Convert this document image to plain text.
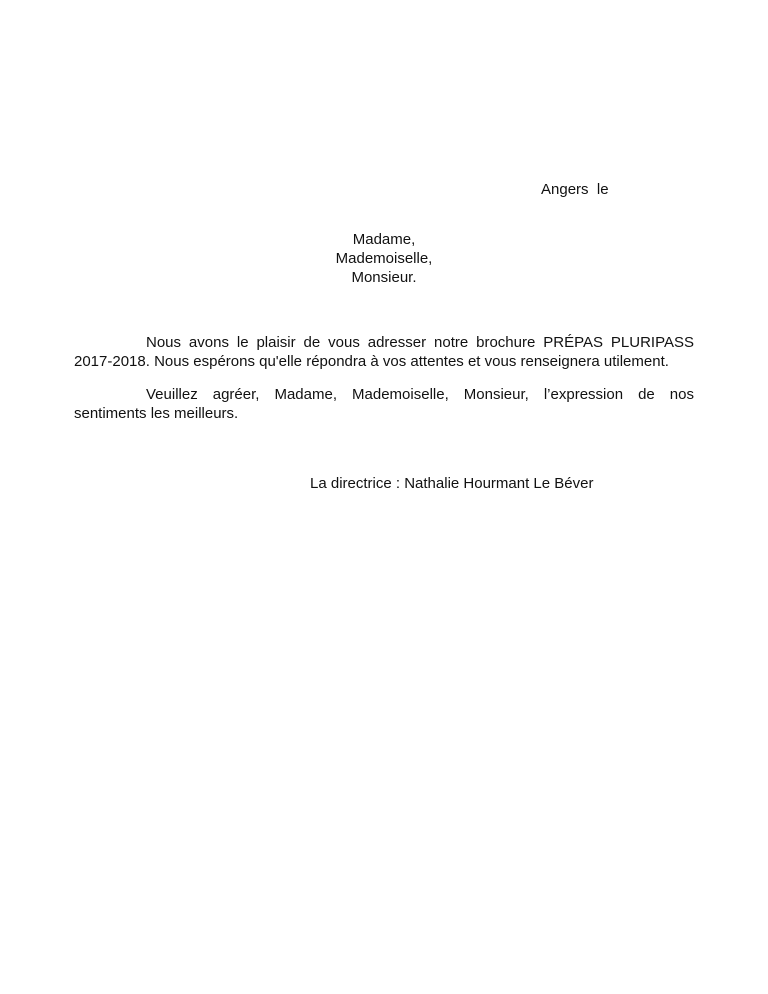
Angers  le
Madame,
Mademoiselle,
Monsieur.
Nous avons le plaisir de vous adresser notre brochure PRÉPAS PLURIPASS 2017-2018. Nous espérons qu'elle répondra à vos attentes et vous renseignera utilement.
Veuillez agréer, Madame, Mademoiselle, Monsieur, l’expression de nos sentiments les meilleurs.
La directrice : Nathalie Hourmant Le Béver
